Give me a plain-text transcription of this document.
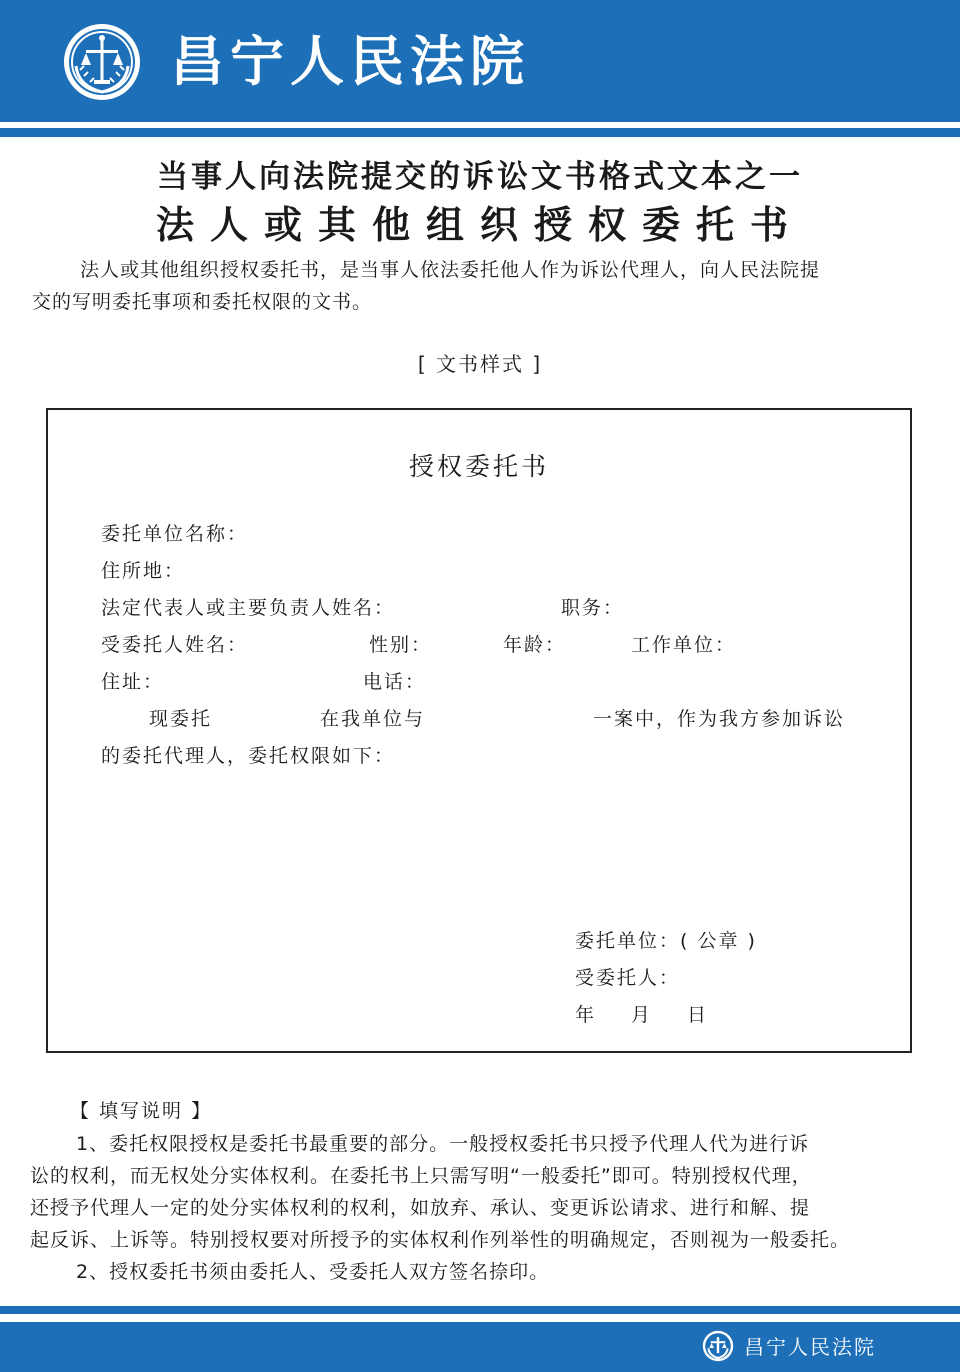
昌宁人民法院
当事人向法院提交的诉讼文书格式文本之一
法人或其他组织授权委托书
法人或其他组织授权委托书，是当事人依法委托他人作为诉讼代理人，向人民法院提
交的写明委托事项和委托权限的文书。
[ 文书样式 ]
授权委托书
委托单位名称：
住所地：
法定代表人或主要负责人姓名：	职务：
受委托人姓名：	性别：	年龄：	工作单位：
住址：	电话：
现委托	在我单位与	一案中，作为我方参加诉讼
的委托代理人，委托权限如下：
委托单位：( 公章 )
受委托人：
年 月 日
【 填写说明 】

1、委托权限授权是委托书最重要的部分。一般授权委托书只授予代理人代为进行诉

讼的权利，而无权处分实体权利。在委托书上只需写明“一般委托”即可。特别授权代理，

还授予代理人一定的处分实体权利的权利，如放弃、承认、变更诉讼请求、进行和解、提

起反诉、上诉等。特别授权要对所授予的实体权利作列举性的明确规定，否则视为一般委托。

2、授权委托书须由委托人、受委托人双方签名捺印。

昌宁人民法院
